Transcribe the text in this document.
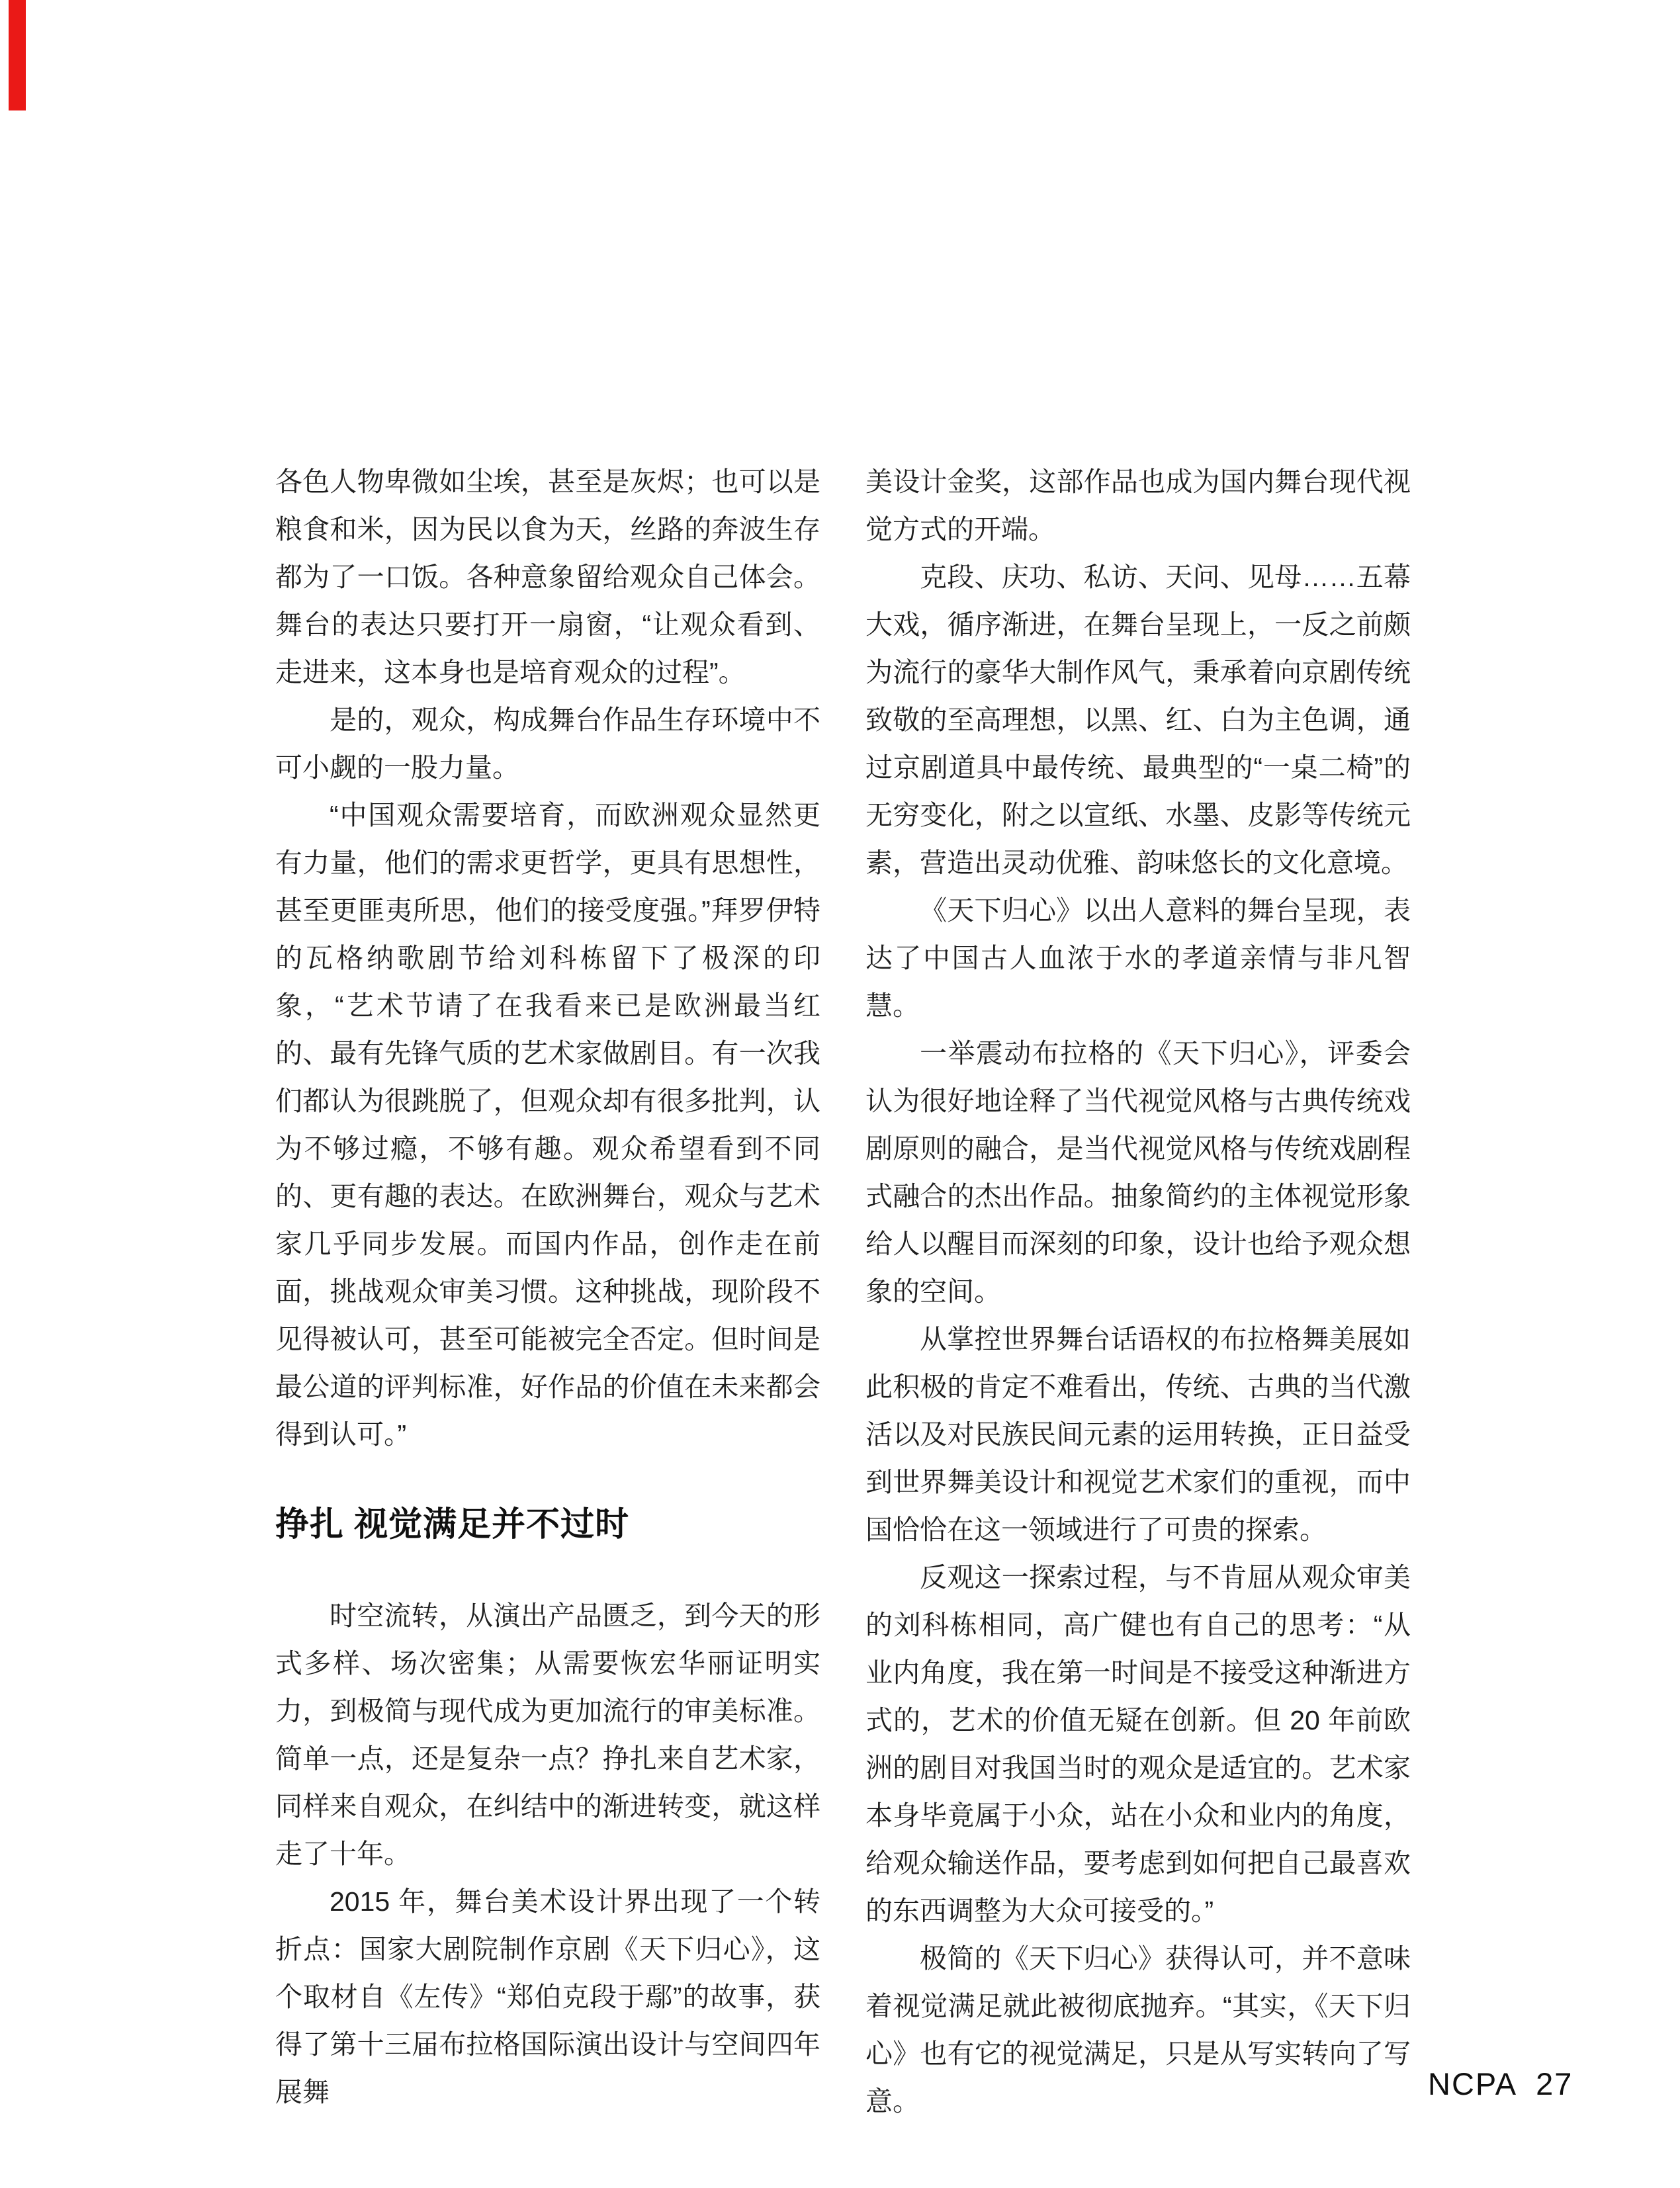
各色人物卑微如尘埃，甚至是灰烬；也可以是粮食和米，因为民以食为天，丝路的奔波生存都为了一口饭。各种意象留给观众自己体会。舞台的表达只要打开一扇窗，“让观众看到、走进来，这本身也是培育观众的过程”。

是的，观众，构成舞台作品生存环境中不可小觑的一股力量。

“中国观众需要培育，而欧洲观众显然更有力量，他们的需求更哲学，更具有思想性，甚至更匪夷所思，他们的接受度强。”拜罗伊特的瓦格纳歌剧节给刘科栋留下了极深的印象，“艺术节请了在我看来已是欧洲最当红的、最有先锋气质的艺术家做剧目。有一次我们都认为很跳脱了，但观众却有很多批判，认为不够过瘾，不够有趣。观众希望看到不同的、更有趣的表达。在欧洲舞台，观众与艺术家几乎同步发展。而国内作品，创作走在前面，挑战观众审美习惯。这种挑战，现阶段不见得被认可，甚至可能被完全否定。但时间是最公道的评判标准，好作品的价值在未来都会得到认可。”

挣扎 视觉满足并不过时

时空流转，从演出产品匮乏，到今天的形式多样、场次密集；从需要恢宏华丽证明实力，到极简与现代成为更加流行的审美标准。简单一点，还是复杂一点？挣扎来自艺术家，同样来自观众，在纠结中的渐进转变，就这样走了十年。

2015 年，舞台美术设计界出现了一个转折点：国家大剧院制作京剧《天下归心》，这个取材自《左传》“郑伯克段于鄢”的故事，获得了第十三届布拉格国际演出设计与空间四年展舞

美设计金奖，这部作品也成为国内舞台现代视觉方式的开端。

克段、庆功、私访、天问、见母……五幕大戏，循序渐进，在舞台呈现上，一反之前颇为流行的豪华大制作风气，秉承着向京剧传统致敬的至高理想，以黑、红、白为主色调，通过京剧道具中最传统、最典型的“一桌二椅”的无穷变化，附之以宣纸、水墨、皮影等传统元素，营造出灵动优雅、韵味悠长的文化意境。

《天下归心》以出人意料的舞台呈现，表达了中国古人血浓于水的孝道亲情与非凡智慧。

一举震动布拉格的《天下归心》，评委会认为很好地诠释了当代视觉风格与古典传统戏剧原则的融合，是当代视觉风格与传统戏剧程式融合的杰出作品。抽象简约的主体视觉形象给人以醒目而深刻的印象，设计也给予观众想象的空间。

从掌控世界舞台话语权的布拉格舞美展如此积极的肯定不难看出，传统、古典的当代激活以及对民族民间元素的运用转换，正日益受到世界舞美设计和视觉艺术家们的重视，而中国恰恰在这一领域进行了可贵的探索。

反观这一探索过程，与不肯屈从观众审美的刘科栋相同，高广健也有自己的思考：“从业内角度，我在第一时间是不接受这种渐进方式的，艺术的价值无疑在创新。但 20 年前欧洲的剧目对我国当时的观众是适宜的。艺术家本身毕竟属于小众，站在小众和业内的角度，给观众输送作品，要考虑到如何把自己最喜欢的东西调整为大众可接受的。”

极简的《天下归心》获得认可，并不意味着视觉满足就此被彻底抛弃。“其实，《天下归心》也有它的视觉满足，只是从写实转向了写意。	NCPA 27
